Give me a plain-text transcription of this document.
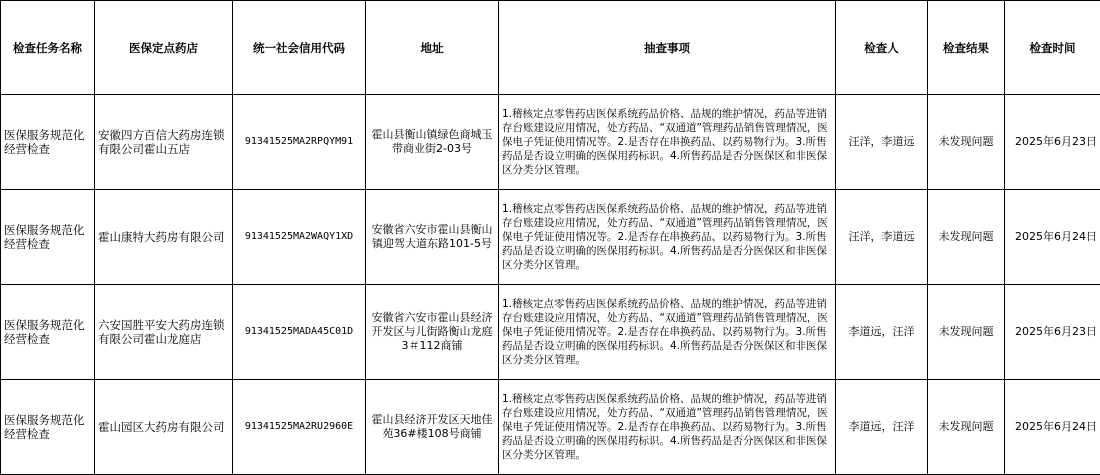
检查任务名称	医保定点药店	统一社会信用代码	地址	抽查事项	检查人	检查结果	检查时间
医保服务规范化经营检查	安徽四方百信大药房连锁有限公司霍山五店	91341525MA2RPQYM91	霍山县衡山镇绿色商城玉带商业街2-03号	1.稽核定点零售药店医保系统药品价格、品规的维护情况，药品等进销存台账建设应用情况，处方药品、“双通道”管理药品销售管理情况，医保电子凭证使用情况等。2.是否存在串换药品、以药易物行为。3.所售药品是否设立明确的医保用药标识。4.所售药品是否分医保区和非医保区分类分区管理。	汪洋，李道远	未发现问题	2025年6月23日
医保服务规范化经营检查	霍山康特大药房有限公司	91341525MA2WAQY1XD	安徽省六安市霍山县衡山镇迎驾大道东路101-5号	1.稽核定点零售药店医保系统药品价格、品规的维护情况，药品等进销存台账建设应用情况，处方药品、“双通道”管理药品销售管理情况，医保电子凭证使用情况等。2.是否存在串换药品、以药易物行为。3.所售药品是否设立明确的医保用药标识。4.所售药品是否分医保区和非医保区分类分区管理。	汪洋，李道远	未发现问题	2025年6月24日
医保服务规范化经营检查	六安国胜平安大药房连锁有限公司霍山龙庭店	91341525MADA45C01D	安徽省六安市霍山县经济开发区与儿街路衡山龙庭3＃112商铺	1.稽核定点零售药店医保系统药品价格、品规的维护情况，药品等进销存台账建设应用情况，处方药品、“双通道”管理药品销售管理情况，医保电子凭证使用情况等。2.是否存在串换药品、以药易物行为。3.所售药品是否设立明确的医保用药标识。4.所售药品是否分医保区和非医保区分类分区管理。	李道远，汪洋	未发现问题	2025年6月23日
医保服务规范化经营检查	霍山园区大药房有限公司	91341525MA2RU2960E	霍山县经济开发区天地佳苑36#楼108号商铺	1.稽核定点零售药店医保系统药品价格、品规的维护情况，药品等进销存台账建设应用情况，处方药品、“双通道”管理药品销售管理情况，医保电子凭证使用情况等。2.是否存在串换药品、以药易物行为。3.所售药品是否设立明确的医保用药标识。4.所售药品是否分医保区和非医保区分类分区管理。	李道远，汪洋	未发现问题	2025年6月24日
